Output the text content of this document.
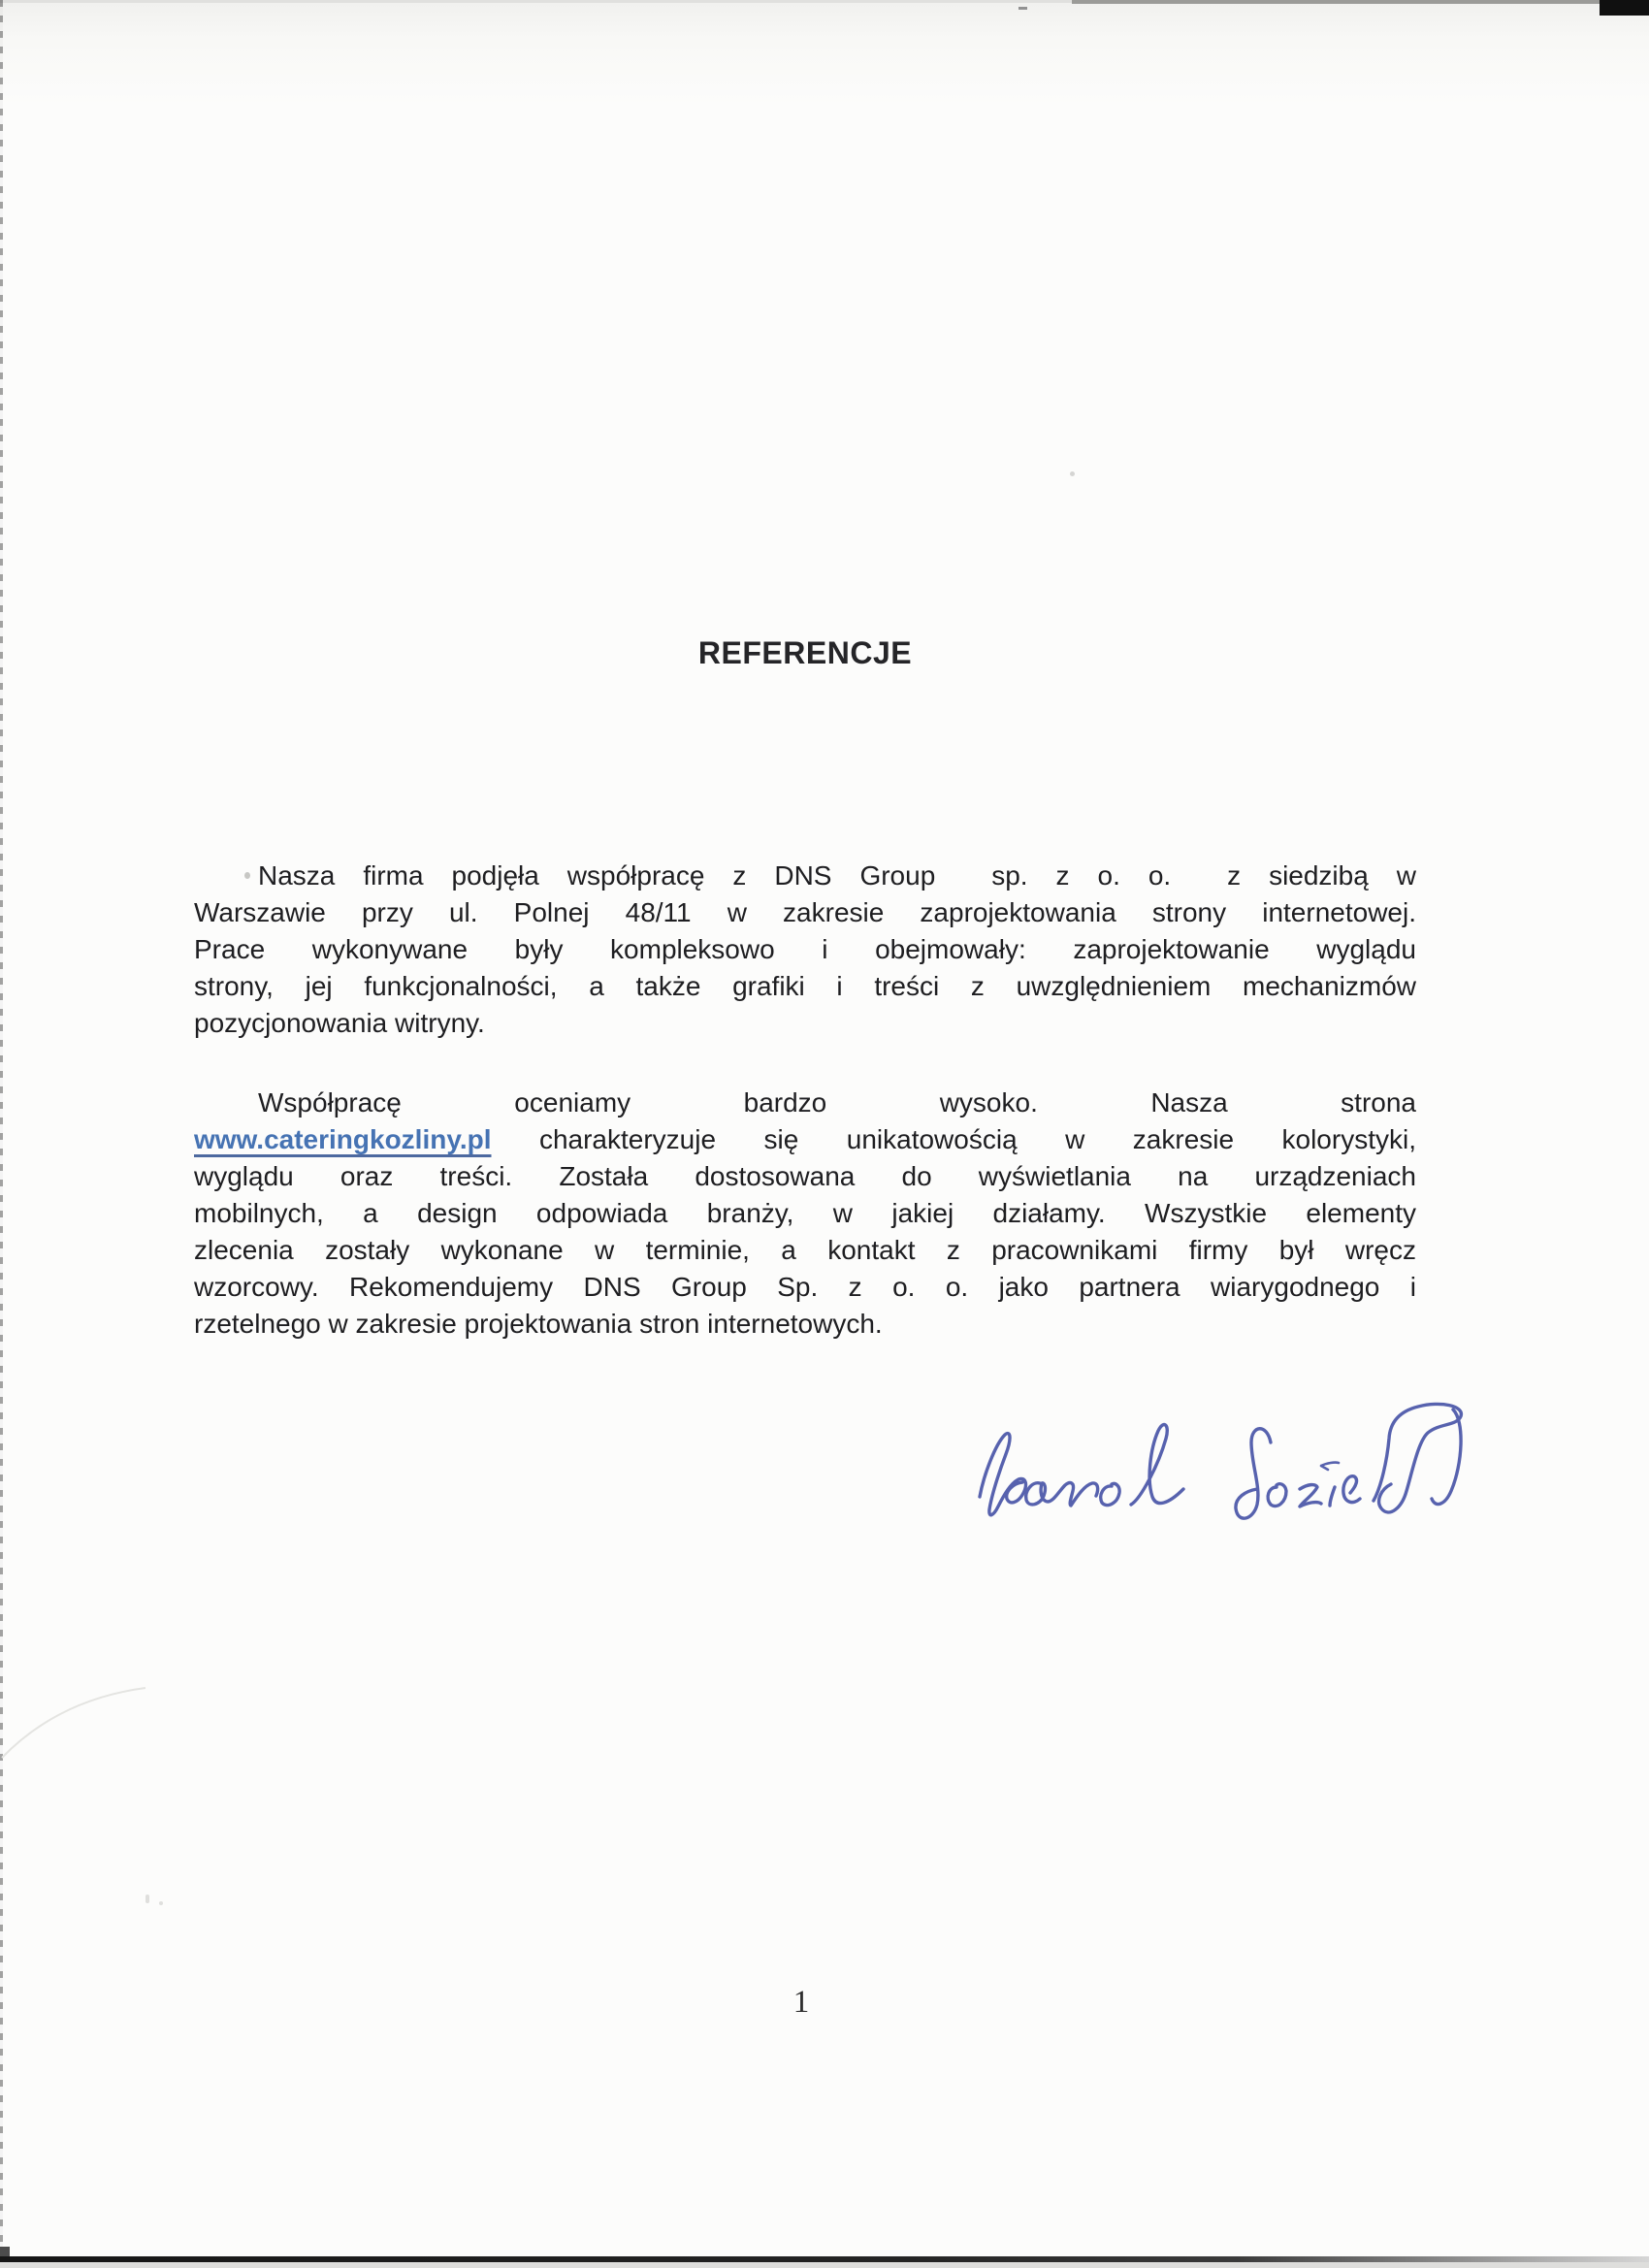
REFERENCJE
Nasza firma podjęła współpracę z DNS Group  sp. z o. o.  z siedzibą w
Warszawie przy ul. Polnej 48/11 w zakresie zaprojektowania strony internetowej.
Prace wykonywane były kompleksowo i obejmowały: zaprojektowanie wyglądu
strony, jej funkcjonalności, a także grafiki i treści z uwzględnieniem mechanizmów
pozycjonowania witryny.
Współpracę oceniamy bardzo wysoko. Nasza strona
www.cateringkozliny.pl charakteryzuje się unikatowością w zakresie kolorystyki,
wyglądu oraz treści. Została dostosowana do wyświetlania na urządzeniach
mobilnych, a design odpowiada branży, w jakiej działamy. Wszystkie elementy
zlecenia zostały wykonane w terminie, a kontakt z pracownikami firmy był wręcz
wzorcowy. Rekomendujemy DNS Group Sp. z o. o. jako partnera wiarygodnego i
rzetelnego w zakresie projektowania stron internetowych.
1
